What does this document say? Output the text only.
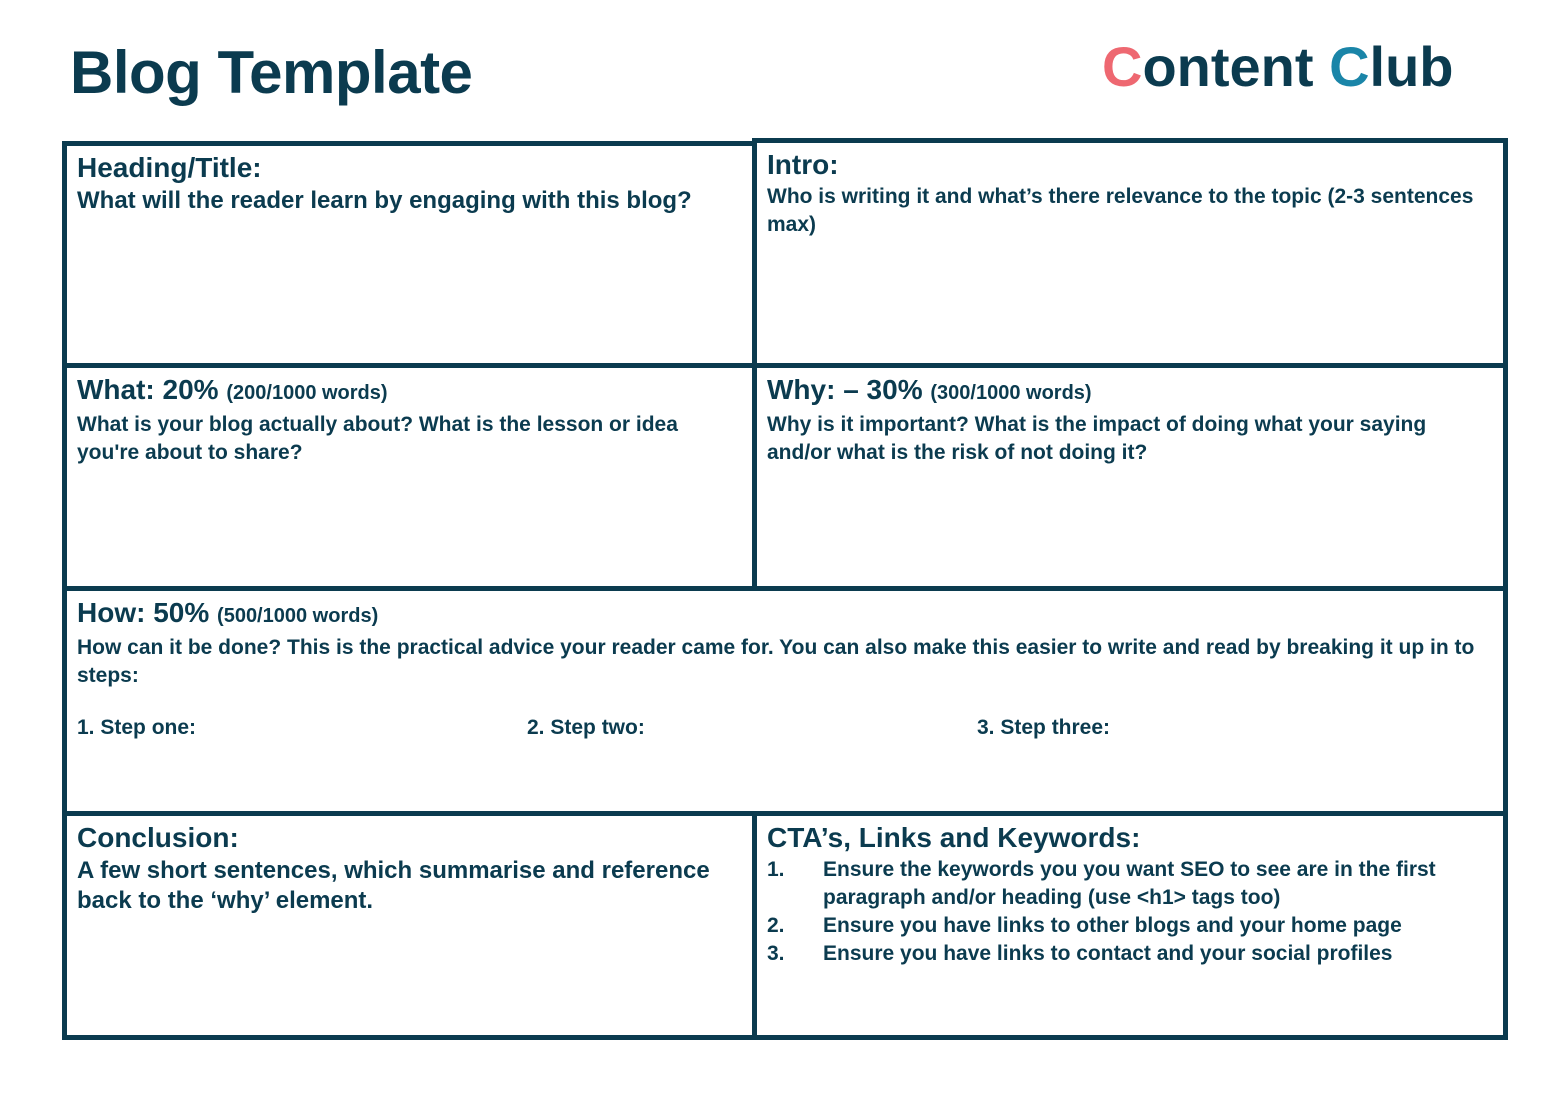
Blog Template	Content Club
Heading/Title:
What will the reader learn by engaging with this blog?
Intro:
Who is writing it and what’s there relevance to the topic (2-3 sentences max)
What: 20% (200/1000 words)
What is your blog actually about? What is the lesson or idea you're about to share?
Why: – 30% (300/1000 words)
Why is it important? What is the impact of doing what your saying and/or what is the risk of not doing it?
How: 50% (500/1000 words)
How can it be done? This is the practical advice your reader came for. You can also make this easier to write and read by breaking it up in to steps:
1. Step one:	2. Step two:	3. Step three:
Conclusion:
A few short sentences, which summarise and reference back to the ‘why’ element.
CTA’s, Links and Keywords:
1. Ensure the keywords you you want SEO to see are in the first paragraph and/or heading (use <h1> tags too)
2. Ensure you have links to other blogs and your home page
3. Ensure you have links to contact and your social profiles
